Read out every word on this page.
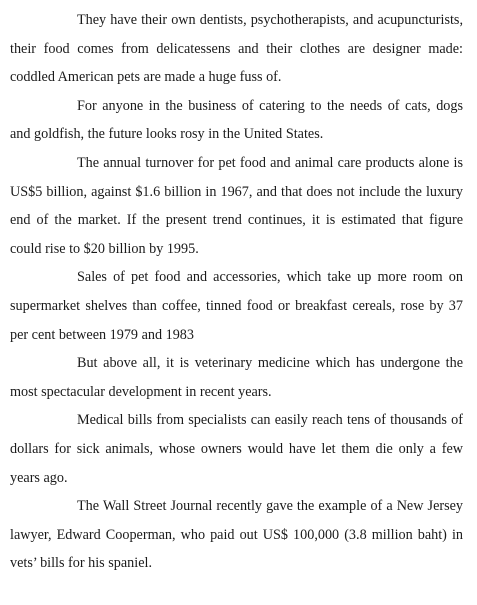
They have their own dentists, psychotherapists, and acupuncturists, their food comes from delicatessens and their clothes are designer made: coddled American pets are made a huge fuss of.

For anyone in the business of catering to the needs of cats, dogs and goldfish, the future looks rosy in the United States.

The annual turnover for pet food and animal care products alone is US$5 billion, against $1.6 billion in 1967, and that does not include the luxury end of the market. If the present trend continues, it is estimated that figure could rise to $20 billion by 1995.

Sales of pet food and accessories, which take up more room on supermarket shelves than coffee, tinned food or breakfast cereals, rose by 37 per cent between 1979 and 1983

But above all, it is veterinary medicine which has undergone the most spectacular development in recent years.

Medical bills from specialists can easily reach tens of thousands of dollars for sick animals, whose owners would have let them die only a few years ago.

The Wall Street Journal recently gave the example of a New Jersey lawyer, Edward Cooperman, who paid out US$ 100,000 (3.8 million baht) in vets’ bills for his spaniel.
